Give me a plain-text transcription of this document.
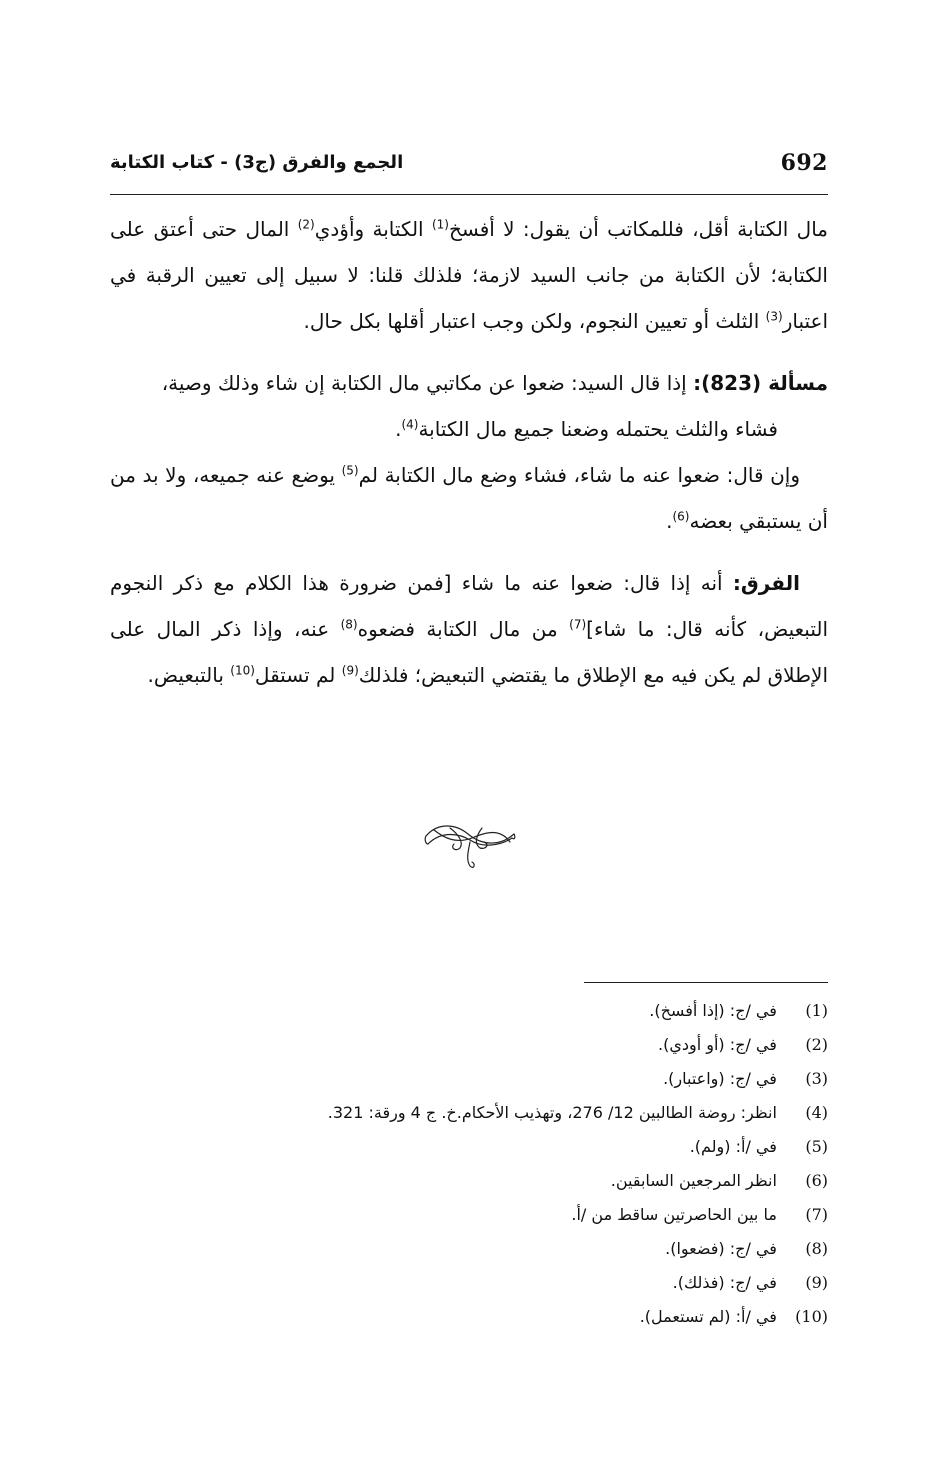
692
الجمع والفرق (ج3) - كتاب الكتابة

مال الكتابة أقل، فللمكاتب أن يقول: لا أفسخ$^{(1)}$ الكتابة وأؤدي$^{(2)}$ المال حتى أعتق على الكتابة؛ لأن الكتابة من جانب السيد لازمة؛ فلذلك قلنا: لا سبيل إلى تعيين الرقبة في اعتبار$^{(3)}$ الثلث أو تعيين النجوم، ولكن وجب اعتبار أقلها بكل حال.

مسألة (823): إذا قال السيد: ضعوا عن مكاتبي مال الكتابة إن شاء وذلك وصية،

فشاء والثلث يحتمله وضعنا جميع مال الكتابة$^{(4)}$.

وإن قال: ضعوا عنه ما شاء، فشاء وضع مال الكتابة لم$^{(5)}$ يوضع عنه جميعه، ولا بد من أن يستبقي بعضه$^{(6)}$.

الفرق: أنه إذا قال: ضعوا عنه ما شاء [فمن ضرورة هذا الكلام مع ذكر النجوم التبعيض، كأنه قال: ما شاء]$^{(7)}$ من مال الكتابة فضعوه$^{(8)}$ عنه، وإذا ذكر المال على الإطلاق لم يكن فيه مع الإطلاق ما يقتضي التبعيض؛ فلذلك$^{(9)}$ لم تستقل$^{(10)}$ بالتبعيض.

(1) في /ج: (إذا أفسخ).
(2) في /ج: (أو أودي).
(3) في /ج: (واعتبار).
(4) انظر: روضة الطالبين 12/ 276، وتهذيب الأحكام.خ. ج 4 ورقة: 321.
(5) في /أ: (ولم).
(6) انظر المرجعين السابقين.
(7) ما بين الحاصرتين ساقط من /أ.
(8) في /ج: (فضعوا).
(9) في /ج: (فذلك).
(10) في /أ: (لم تستعمل).
